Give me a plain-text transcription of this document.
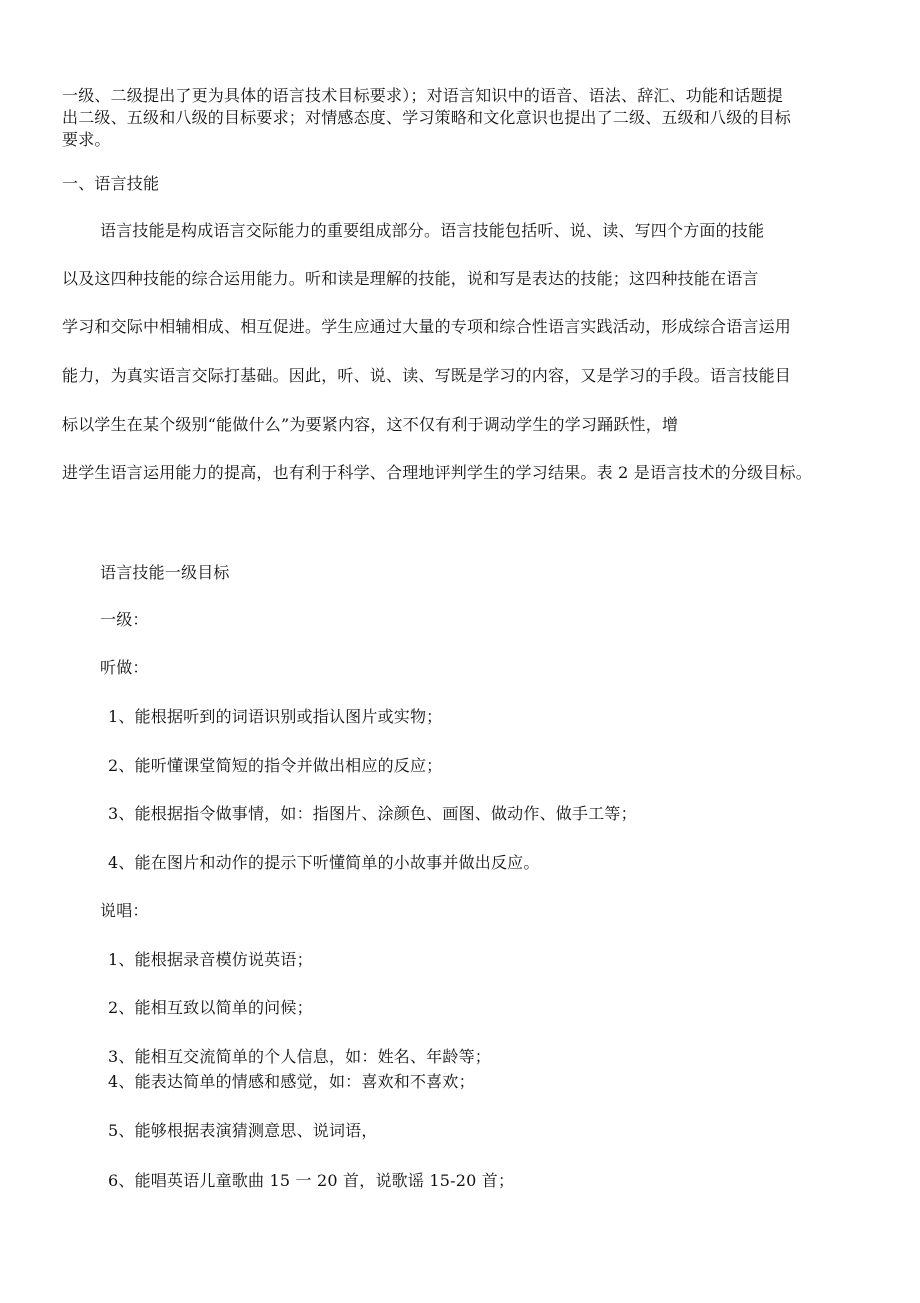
一级、二级提出了更为具体的语言技术目标要求）；对语言知识中的语音、语法、辞汇、功能和话题提
出二级、五级和八级的目标要求；对情感态度、学习策略和文化意识也提出了二级、五级和八级的目标
要求。
一、语言技能
语言技能是构成语言交际能力的重要组成部分。语言技能包括听、说、读、写四个方面的技能
以及这四种技能的综合运用能力。听和读是理解的技能，说和写是表达的技能；这四种技能在语言
学习和交际中相辅相成、相互促进。学生应通过大量的专项和综合性语言实践活动，形成综合语言运用
能力，为真实语言交际打基础。因此，听、说、读、写既是学习的内容，又是学习的手段。语言技能目
标以学生在某个级别“能做什么”为要紧内容，这不仅有利于调动学生的学习踊跃性，增
进学生语言运用能力的提高，也有利于科学、合理地评判学生的学习结果。表 2 是语言技术的分级目标。
语言技能一级目标
一级：
听做：
1、能根据听到的词语识别或指认图片或实物；
2、能听懂课堂简短的指令并做出相应的反应；
3、能根据指令做事情，如：指图片、涂颜色、画图、做动作、做手工等；
4、能在图片和动作的提示下听懂简单的小故事并做出反应。
说唱：
1、能根据录音模仿说英语；
2、能相互致以简单的问候；
3、能相互交流简单的个人信息，如：姓名、年龄等；
4、能表达简单的情感和感觉，如：喜欢和不喜欢；
5、能够根据表演猜测意思、说词语，
6、能唱英语儿童歌曲 15 一 20 首，说歌谣 15-20 首；
